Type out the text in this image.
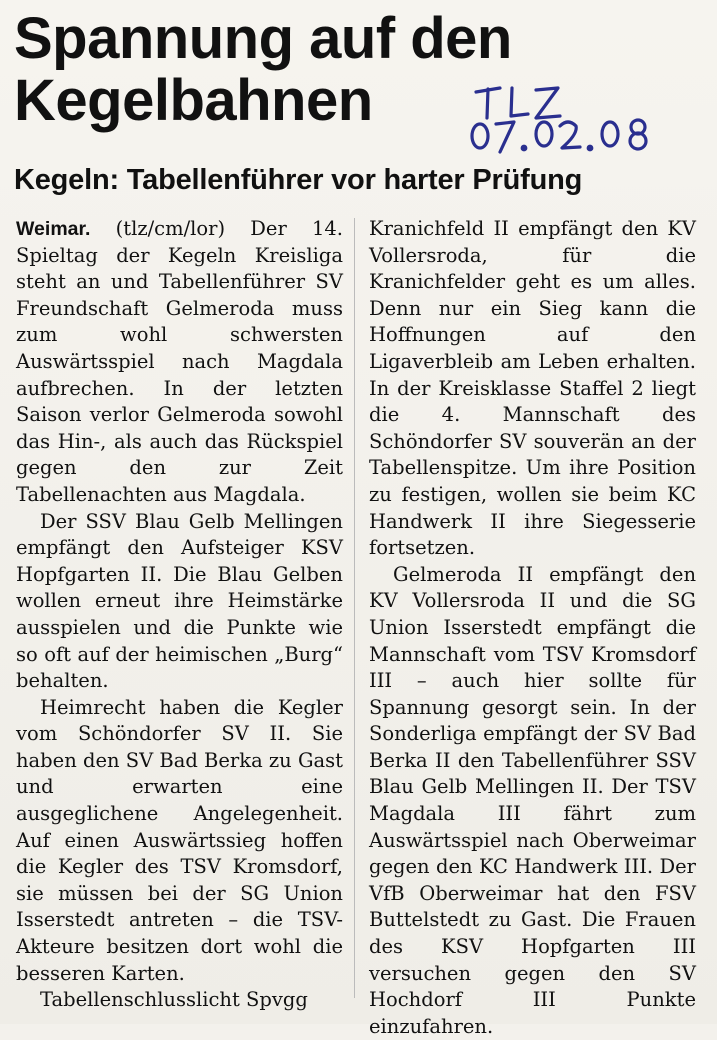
Spannung auf den
Kegelbahnen
Kegeln: Tabellenführer vor harter Prüfung

Weimar. (tlz/cm/lor) Der 14. Spieltag der Kegeln Kreisliga steht an und Tabellenführer SV Freundschaft Gelmeroda muss zum wohl schwersten Auswärtsspiel nach Magdala aufbrechen. In der letzten Saison verlor Gelmeroda sowohl das Hin-, als auch das Rückspiel gegen den zur Zeit Tabellenachten aus Magdala.

Der SSV Blau Gelb Mellingen empfängt den Aufsteiger KSV Hopfgarten II. Die Blau Gelben wollen erneut ihre Heimstärke ausspielen und die Punkte wie so oft auf der heimischen „Burg“ behalten.

Heimrecht haben die Kegler vom Schöndorfer SV II. Sie haben den SV Bad Berka zu Gast und erwarten eine ausgeglichene Angelegenheit. Auf einen Auswärtssieg hoffen die Kegler des TSV Kromsdorf, sie müssen bei der SG Union Isserstedt antreten – die TSV-Akteure besitzen dort wohl die besseren Karten.

Tabellenschlusslicht Spvgg

Kranichfeld II empfängt den KV Vollersroda, für die Kranichfelder geht es um alles. Denn nur ein Sieg kann die Hoffnungen auf den Ligaverbleib am Leben erhalten. In der Kreisklasse Staffel 2 liegt die 4. Mannschaft des Schöndorfer SV souverän an der Tabellenspitze. Um ihre Position zu festigen, wollen sie beim KC Handwerk II ihre Siegesserie fortsetzen.

Gelmeroda II empfängt den KV Vollersroda II und die SG Union Isserstedt empfängt die Mannschaft vom TSV Kromsdorf III – auch hier sollte für Spannung gesorgt sein. In der Sonderliga empfängt der SV Bad Berka II den Tabellenführer SSV Blau Gelb Mellingen II. Der TSV Magdala III fährt zum Auswärtsspiel nach Oberweimar gegen den KC Handwerk III. Der VfB Oberweimar hat den FSV Buttelstedt zu Gast. Die Frauen des KSV Hopfgarten III versuchen gegen den SV Hochdorf III Punkte einzufahren.
